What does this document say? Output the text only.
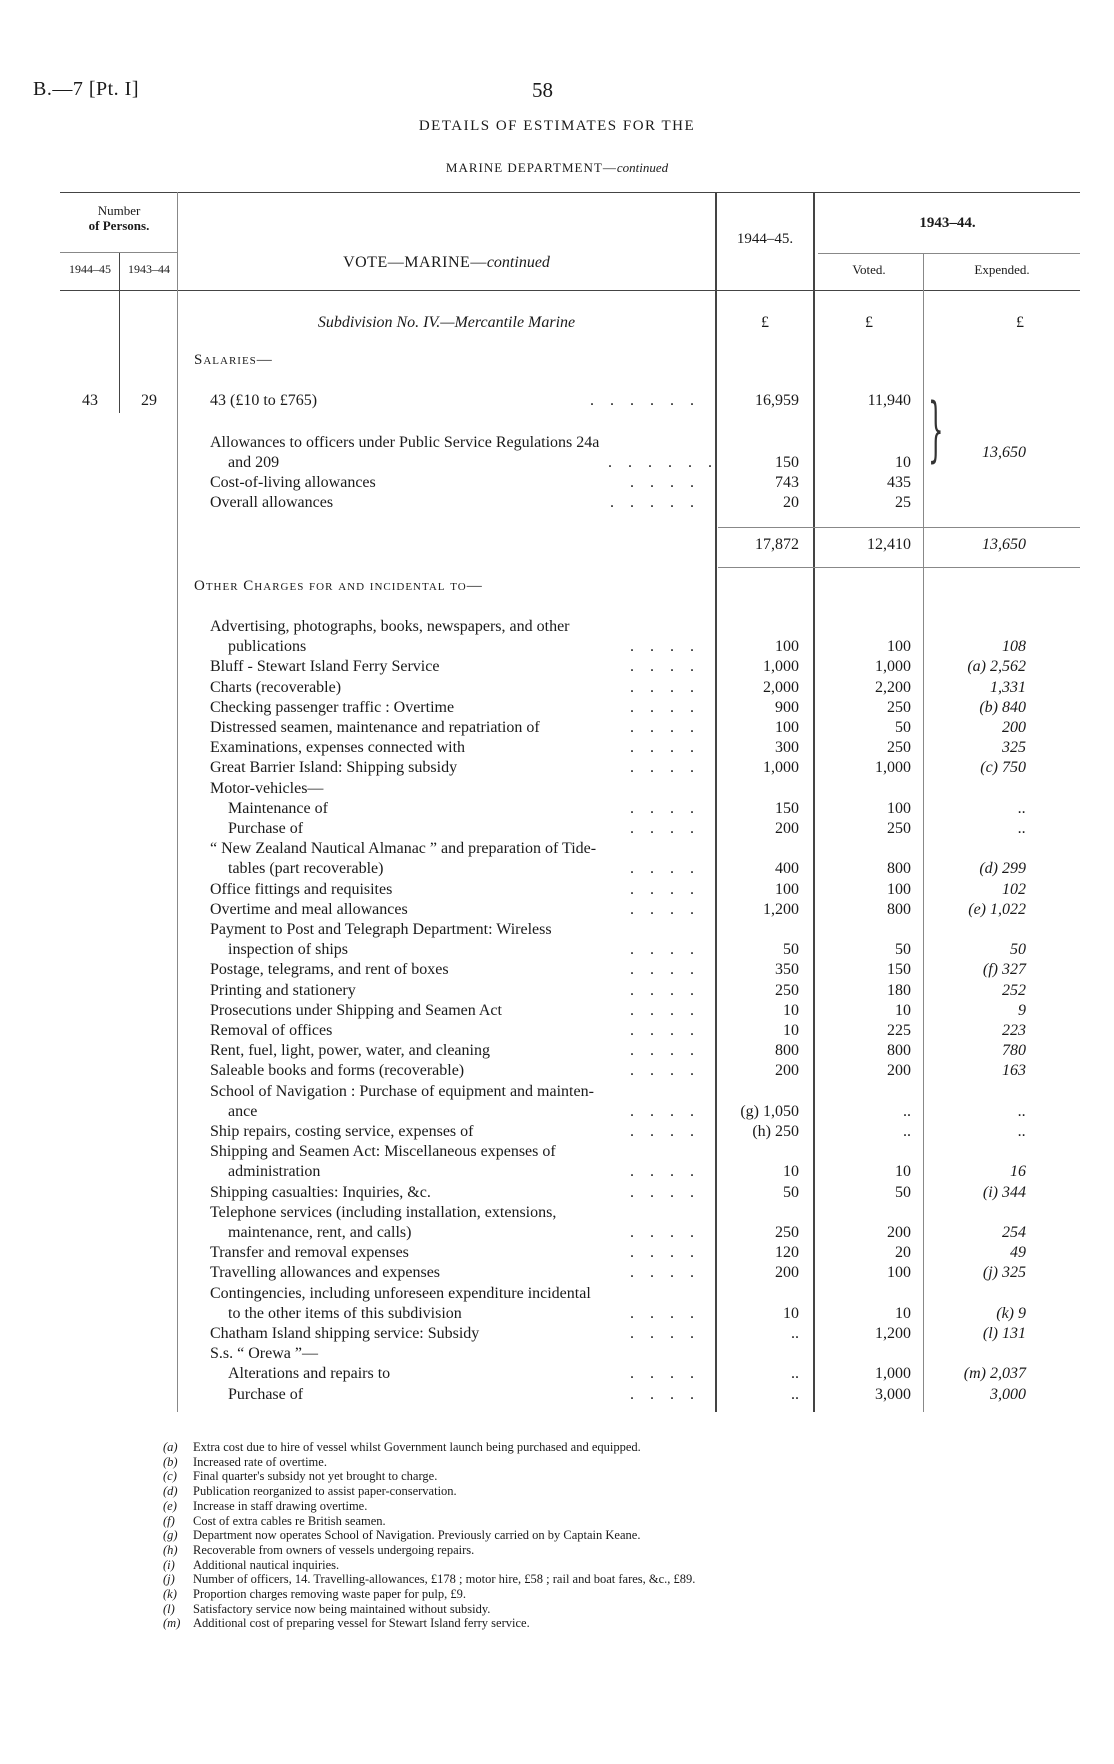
B.—7 [Pt. I]	58
DETAILS OF ESTIMATES FOR THE
MARINE DEPARTMENT—continued
Number
of Persons.
1944–45	1943–44	VOTE—MARINE—continued
1944–45.
1943–44.
Voted.	Expended.
Subdivision No. IV.—Mercantile Marine	£	£	£
Salaries—
43	29	43 (£10 to £765)	. . . . . .	16,959	11,940
Allowances to officers under Public Service Regulations 24a
and 209	. . . . . .	150	10
Cost-of-living allowances	. . . .	743	435
Overall allowances	. . . . .	20	25
}	13,650
17,872	12,410	13,650
Other Charges for and incidental to—
Advertising, photographs, books, newspapers, and other
publications	. . . .	100	100	108
Bluff - Stewart Island Ferry Service	. . . .	1,000	1,000	(a) 2,562
Charts (recoverable)	. . . .	2,000	2,200	1,331
Checking passenger traffic : Overtime	. . . .	900	250	(b) 840
Distressed seamen, maintenance and repatriation of	. . . .	100	50	200
Examinations, expenses connected with	. . . .	300	250	325
Great Barrier Island: Shipping subsidy	. . . .	1,000	1,000	(c) 750
Motor-vehicles—
Maintenance of	. . . .	150	100	..
Purchase of	. . . .	200	250	..
“ New Zealand Nautical Almanac ” and preparation of Tide-
tables (part recoverable)	. . . .	400	800	(d) 299
Office fittings and requisites	. . . .	100	100	102
Overtime and meal allowances	. . . .	1,200	800	(e) 1,022
Payment to Post and Telegraph Department: Wireless
inspection of ships	. . . .	50	50	50
Postage, telegrams, and rent of boxes	. . . .	350	150	(f) 327
Printing and stationery	. . . .	250	180	252
Prosecutions under Shipping and Seamen Act	. . . .	10	10	9
Removal of offices	. . . .	10	225	223
Rent, fuel, light, power, water, and cleaning	. . . .	800	800	780
Saleable books and forms (recoverable)	. . . .	200	200	163
School of Navigation : Purchase of equipment and mainten-
ance	. . . .	(g) 1,050	..	..
Ship repairs, costing service, expenses of	. . . .	(h) 250	..	..
Shipping and Seamen Act: Miscellaneous expenses of
administration	. . . .	10	10	16
Shipping casualties: Inquiries, &c.	. . . .	50	50	(i) 344
Telephone services (including installation, extensions,
maintenance, rent, and calls)	. . . .	250	200	254
Transfer and removal expenses	. . . .	120	20	49
Travelling allowances and expenses	. . . .	200	100	(j) 325
Contingencies, including unforeseen expenditure incidental
to the other items of this subdivision	. . . .	10	10	(k) 9
Chatham Island shipping service: Subsidy	. . . .	..	1,200	(l) 131
S.s. “ Orewa ”—
Alterations and repairs to	. . . .	..	1,000	(m) 2,037
Purchase of	. . . .	..	3,000	3,000
(a) Extra cost due to hire of vessel whilst Government launch being purchased and equipped.
(b) Increased rate of overtime.
(c) Final quarter's subsidy not yet brought to charge.
(d) Publication reorganized to assist paper-conservation.
(e) Increase in staff drawing overtime.
(f) Cost of extra cables re British seamen.
(g) Department now operates School of Navigation. Previously carried on by Captain Keane.
(h) Recoverable from owners of vessels undergoing repairs.
(i) Additional nautical inquiries.
(j) Number of officers, 14. Travelling-allowances, £178 ; motor hire, £58 ; rail and boat fares, &c., £89.
(k) Proportion charges removing waste paper for pulp, £9.
(l) Satisfactory service now being maintained without subsidy.
(m) Additional cost of preparing vessel for Stewart Island ferry service.
